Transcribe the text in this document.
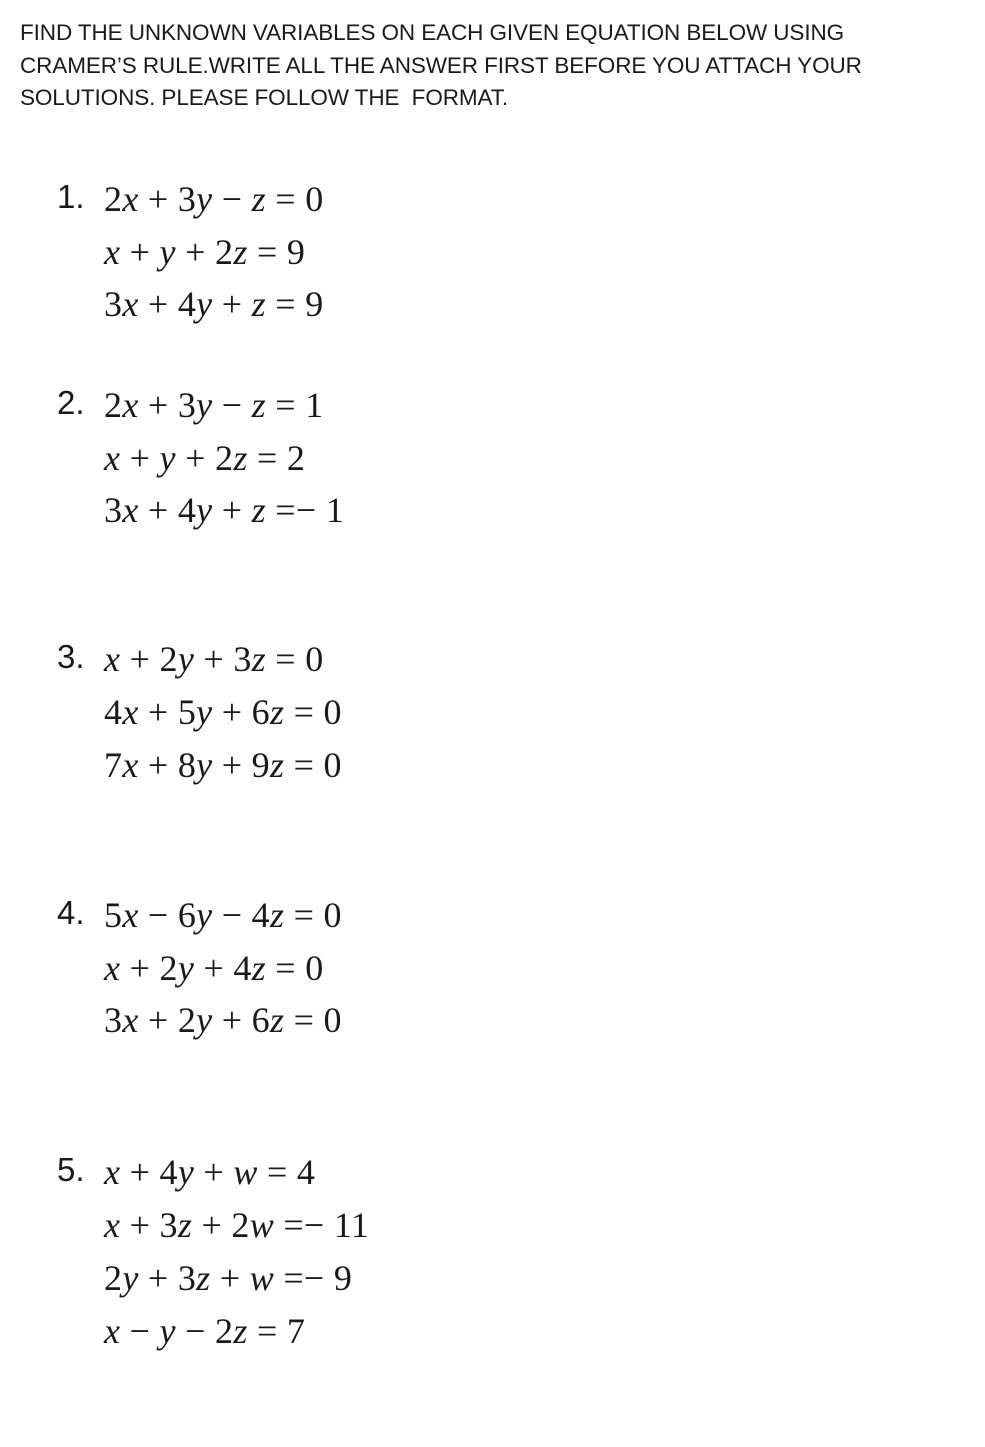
FIND THE UNKNOWN VARIABLES ON EACH GIVEN EQUATION BELOW USING
CRAMER’S RULE.WRITE ALL THE ANSWER FIRST BEFORE YOU ATTACH YOUR
SOLUTIONS. PLEASE FOLLOW THE  FORMAT.
1. 2x + 3y − z = 0
x + y + 2z = 9
3x + 4y + z = 9
2. 2x + 3y − z = 1
x + y + 2z = 2
3x + 4y + z =− 1
3. x + 2y + 3z = 0
4x + 5y + 6z = 0
7x + 8y + 9z = 0
4. 5x − 6y − 4z = 0
x + 2y + 4z = 0
3x + 2y + 6z = 0
5. x + 4y + w = 4
x + 3z + 2w =− 11
2y + 3z + w =− 9
x − y − 2z = 7
